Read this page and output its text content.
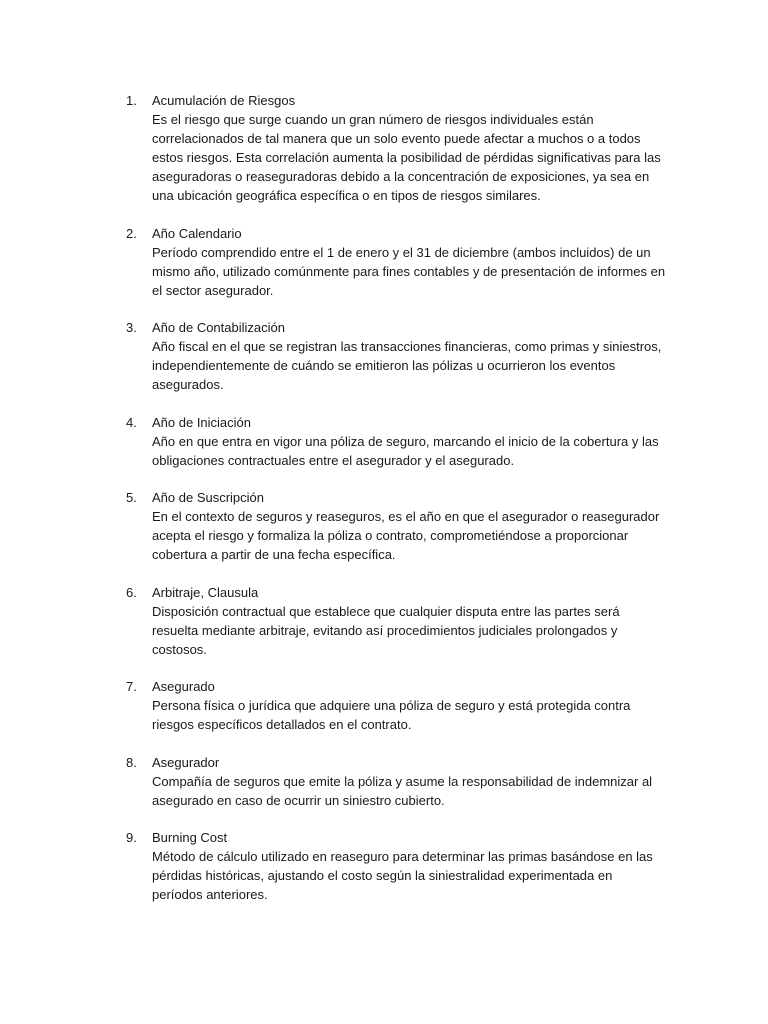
1.	Acumulación de Riesgos

Es el riesgo que surge cuando un gran número de riesgos individuales están correlacionados de tal manera que un solo evento puede afectar a muchos o a todos estos riesgos. Esta correlación aumenta la posibilidad de pérdidas significativas para las aseguradoras o reaseguradoras debido a la concentración de exposiciones, ya sea en una ubicación geográfica específica o en tipos de riesgos similares.

2.	Año Calendario

Período comprendido entre el 1 de enero y el 31 de diciembre (ambos incluidos) de un mismo año, utilizado comúnmente para fines contables y de presentación de informes en el sector asegurador.

3.	Año de Contabilización

Año fiscal en el que se registran las transacciones financieras, como primas y siniestros, independientemente de cuándo se emitieron las pólizas u ocurrieron los eventos asegurados.

4.	Año de Iniciación

Año en que entra en vigor una póliza de seguro, marcando el inicio de la cobertura y las obligaciones contractuales entre el asegurador y el asegurado.

5.	Año de Suscripción

En el contexto de seguros y reaseguros, es el año en que el asegurador o reasegurador acepta el riesgo y formaliza la póliza o contrato, comprometiéndose a proporcionar cobertura a partir de una fecha específica.

6.	Arbitraje, Clausula

Disposición contractual que establece que cualquier disputa entre las partes será resuelta mediante arbitraje, evitando así procedimientos judiciales prolongados y costosos.

7.	Asegurado

Persona física o jurídica que adquiere una póliza de seguro y está protegida contra riesgos específicos detallados en el contrato.

8.	Asegurador

Compañía de seguros que emite la póliza y asume la responsabilidad de indemnizar al asegurado en caso de ocurrir un siniestro cubierto.

9.	Burning Cost

Método de cálculo utilizado en reaseguro para determinar las primas basándose en las pérdidas históricas, ajustando el costo según la siniestralidad experimentada en períodos anteriores.
